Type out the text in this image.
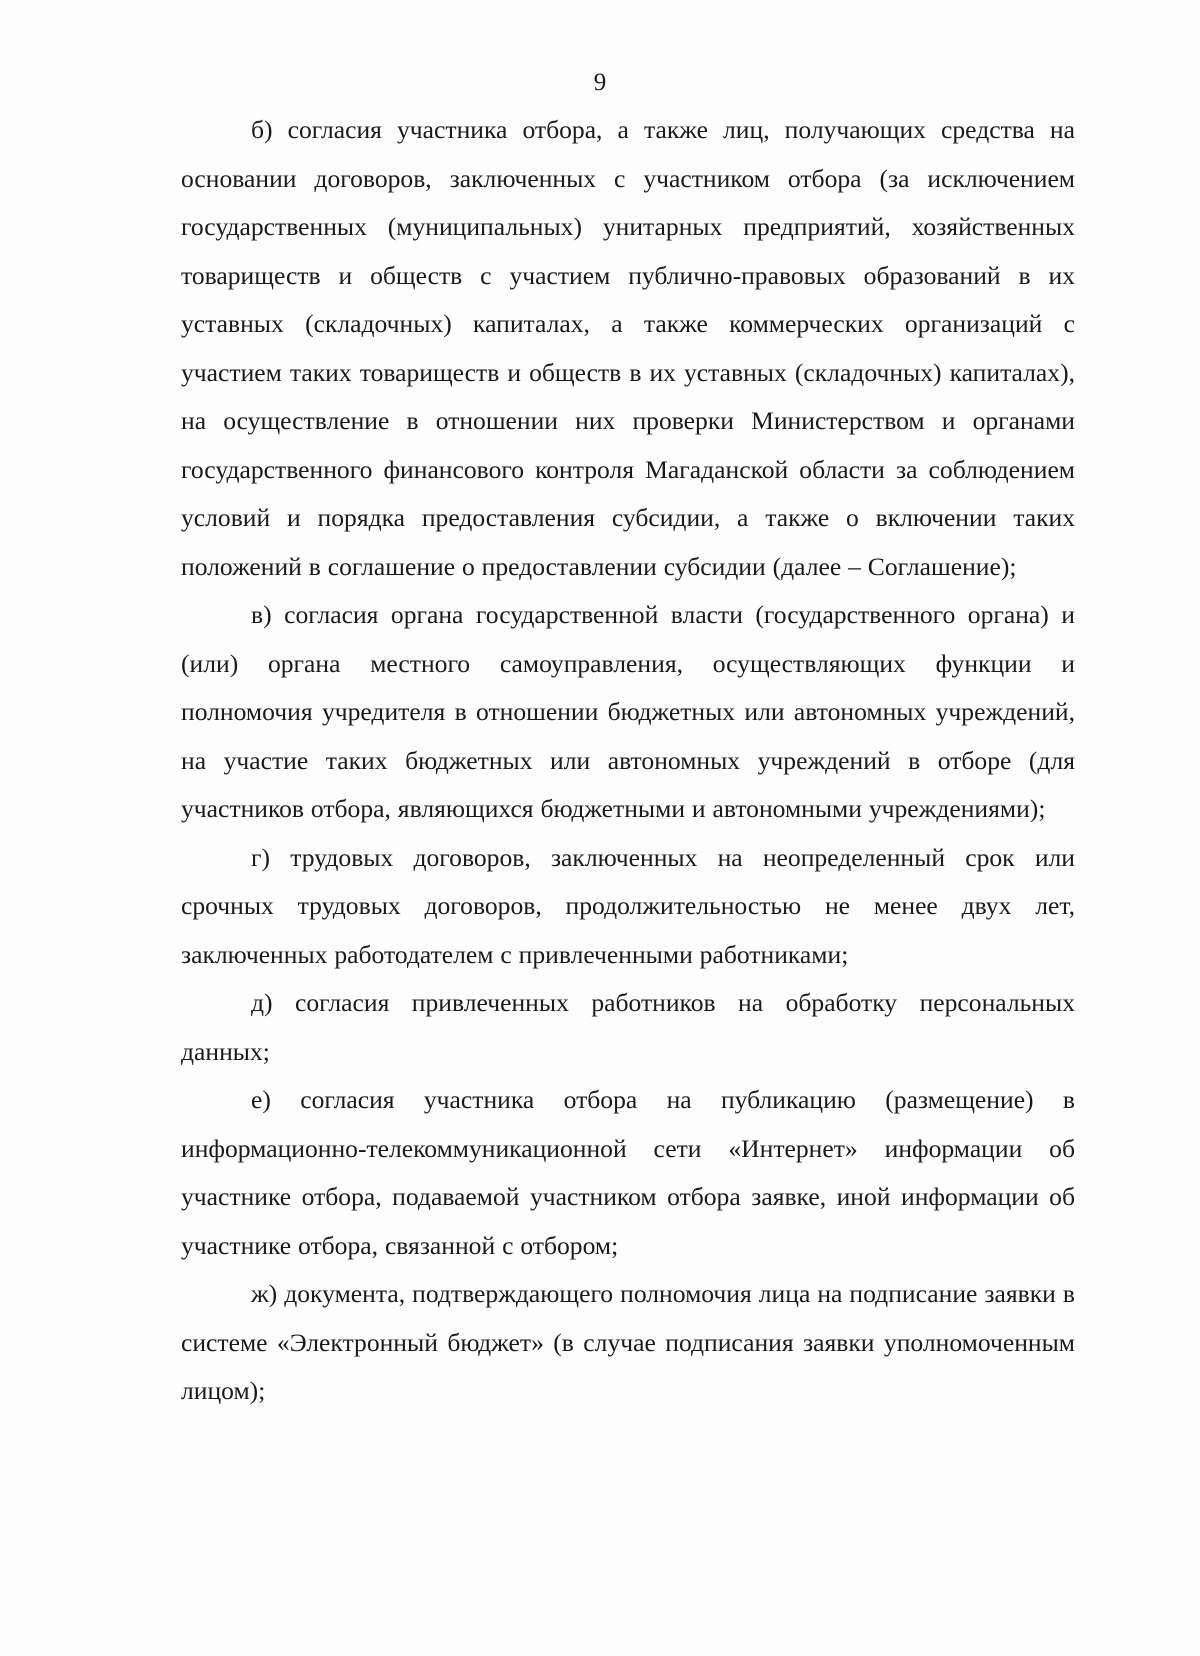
9

б) согласия участника отбора, а также лиц, получающих средства на основании договоров, заключенных с участником отбора (за исключением государственных (муниципальных) унитарных предприятий, хозяйственных товариществ и обществ с участием публично-правовых образований в их уставных (складочных) капиталах, а также коммерческих организаций с участием таких товариществ и обществ в их уставных (складочных) капиталах), на осуществление в отношении них проверки Министерством и органами государственного финансового контроля Магаданской области за соблюдением условий и порядка предоставления субсидии, а также о включении таких положений в соглашение о предоставлении субсидии (далее – Соглашение);

в) согласия органа государственной власти (государственного органа) и (или) органа местного самоуправления, осуществляющих функции и полномочия учредителя в отношении бюджетных или автономных учреждений, на участие таких бюджетных или автономных учреждений в отборе (для участников отбора, являющихся бюджетными и автономными учреждениями);

г) трудовых договоров, заключенных на неопределенный срок или срочных трудовых договоров, продолжительностью не менее двух лет, заключенных работодателем с привлеченными работниками;

д) согласия привлеченных работников на обработку персональных данных;

е) согласия участника отбора на публикацию (размещение) в информационно-телекоммуникационной сети «Интернет» информации об участнике отбора, подаваемой участником отбора заявке, иной информации об участнике отбора, связанной с отбором;

ж) документа, подтверждающего полномочия лица на подписание заявки в системе «Электронный бюджет» (в случае подписания заявки уполномоченным лицом);
